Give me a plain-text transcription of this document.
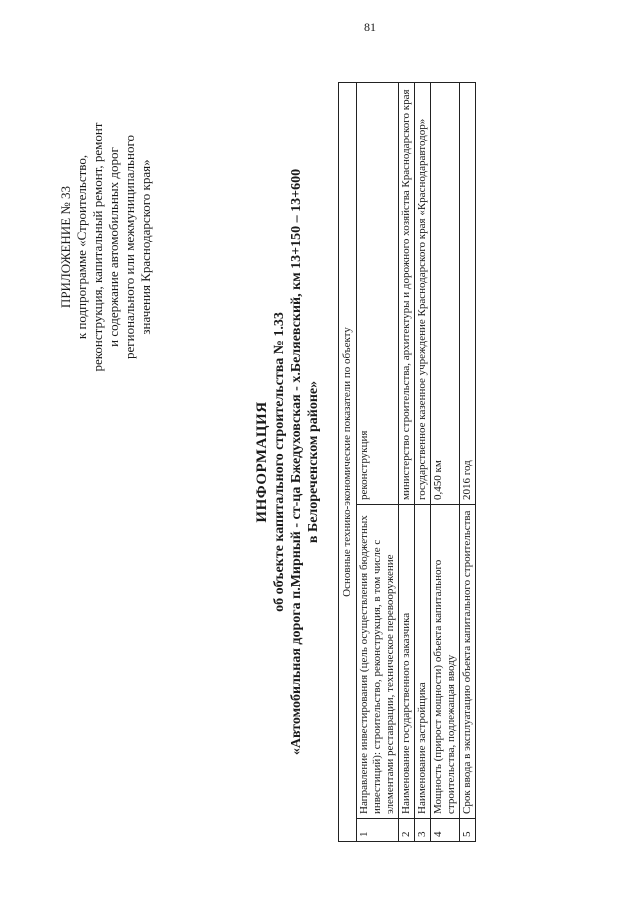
81
ПРИЛОЖЕНИЕ № 33 к подпрограмме «Строительство, реконструкция, капитальный ремонт, ремонт и содержание автомобильных дорог регионального или межмуниципального значения Краснодарского края»
ИНФОРМАЦИЯ об объекте капитального строительства № 1.33 «Автомобильная дорога п.Мирный - ст-ца Бжедуховская - х.Беляевский, км 13+150 – 13+600 в Белореченском районе» Основные технико-экономические показатели по объекту		
1	Направление инвестирования (цель осуществления бюджетных инвестиций): строительство, реконструкция, в том числе с элементами реставрации, техническое перевооружение	реконструкция
2	Наименование государственного заказчика	министерство строительства, архитектуры и дорожного хозяйства Краснодарского края
3	Наименование застройщика	государственное казенное учреждение Краснодарского края «Краснодаравтодор»
4	Мощность (прирост мощности) объекта капитального строительства, подлежащая вводу	0,450 км
5	Срок ввода в эксплуатацию объекта капитального строительства	2016 год
